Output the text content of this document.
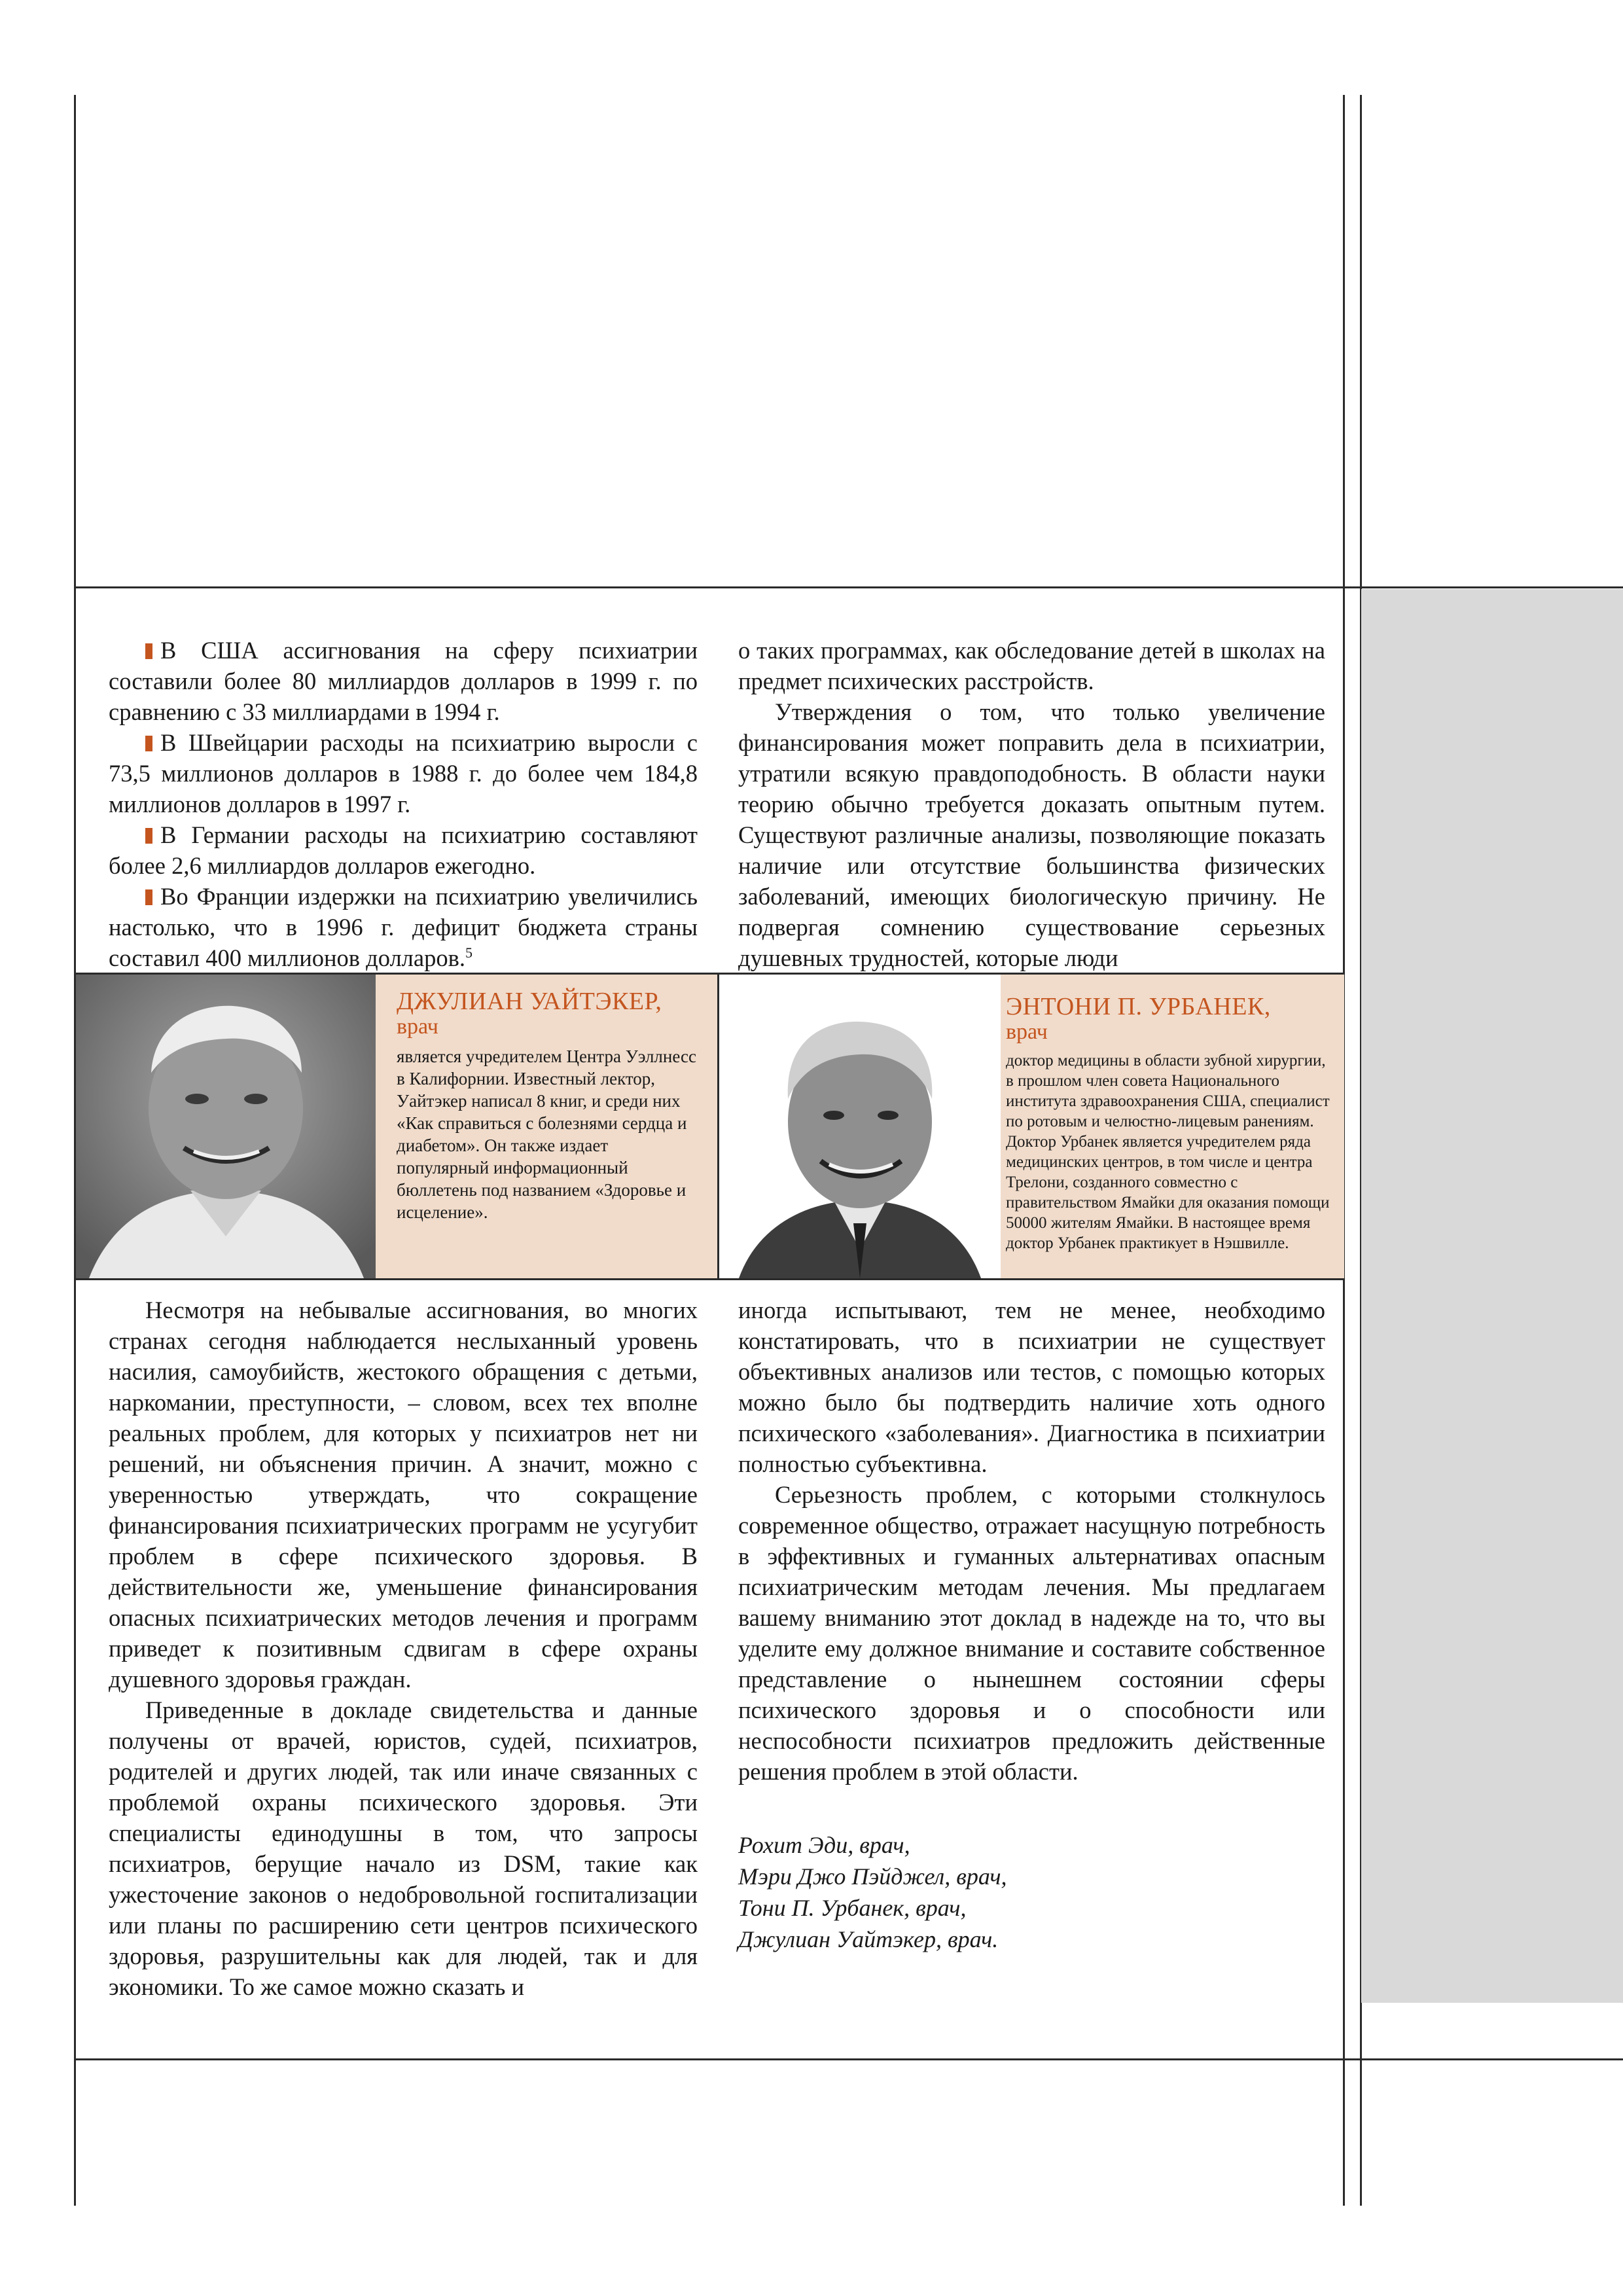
В США ассигнования на сферу психиатрии составили более 80 миллиардов долларов в 1999 г. по сравнению с 33 миллиардами в 1994 г.

В Швейцарии расходы на психиатрию выросли с 73,5 миллионов долларов в 1988 г. до более чем 184,8 миллионов долларов в 1997 г.

В Германии расходы на психиатрию составляют более 2,6 миллиардов долларов ежегодно.

Во Франции издержки на психиатрию увеличились настолько, что в 1996 г. дефицит бюджета страны составил 400 миллионов долларов.$^5$

о таких программах, как обследование детей в школах на предмет психических расстройств.

Утверждения о том, что только увеличение финансирования может поправить дела в психиатрии, утратили всякую правдоподобность. В области науки теорию обычно требуется доказать опытным путем. Существуют различные анализы, позволяющие показать наличие или отсутствие большинства физических заболеваний, имеющих биологическую причину. Не подвергая сомнению существование серьезных душевных трудностей, которые люди

ДЖУЛИАН УАЙТЭКЕР,
врач
является учредителем Центра Уэллнесс в Калифорнии. Известный лектор, Уайтэкер написал 8 книг, и среди них «Как справиться с болезнями сердца и диабетом». Он также издает популярный информационный бюллетень под названием «Здоровье и исцеление».
ЭНТОНИ П. УРБАНЕК,
врач
доктор медицины в области зубной хирургии, в прошлом член совета Национального института здравоохранения США, специалист по ротовым и челюстно-лицевым ранениям. Доктор Урбанек является учредителем ряда медицинских центров, в том числе и центра Трелони, созданного совместно с правительством Ямайки для оказания помощи 50000 жителям Ямайки. В настоящее время доктор Урбанек практикует в Нэшвилле.

Несмотря на небывалые ассигнования, во многих странах сегодня наблюдается неслыханный уровень насилия, самоубийств, жестокого обращения с детьми, наркомании, преступности, – словом, всех тех вполне реальных проблем, для которых у психиатров нет ни решений, ни объяснения причин. А значит, можно с уверенностью утверждать, что сокращение финансирования психиатрических программ не усугубит проблем в сфере психического здоровья. В действительности же, уменьшение финансирования опасных психиатрических методов лечения и программ приведет к позитивным сдвигам в сфере охраны душевного здоровья граждан.

Приведенные в докладе свидетельства и данные получены от врачей, юристов, судей, психиатров, родителей и других людей, так или иначе связанных с проблемой охраны психического здоровья. Эти специалисты единодушны в том, что запросы психиатров, берущие начало из DSM, такие как ужесточение законов о недобровольной госпитализации или планы по расширению сети центров психического здоровья, разрушительны как для людей, так и для экономики. То же самое можно сказать и

иногда испытывают, тем не менее, необходимо констатировать, что в психиатрии не существует объективных анализов или тестов, с помощью которых можно было бы подтвердить наличие хоть одного психического «заболевания». Диагностика в психиатрии полностью субъективна.

Серьезность проблем, с которыми столкнулось современное общество, отражает насущную потребность в эффективных и гуманных альтернативах опасным психиатрическим методам лечения. Мы предлагаем вашему вниманию этот доклад в надежде на то, что вы уделите ему должное внимание и составите собственное представление о нынешнем состоянии сферы психического здоровья и о способности или неспособности психиатров предложить действенные решения проблем в этой области.

Рохит Эди, врач,
Мэри Джо Пэйджел, врач,
Тони П. Урбанек, врач,
Джулиан Уайтэкер, врач.
